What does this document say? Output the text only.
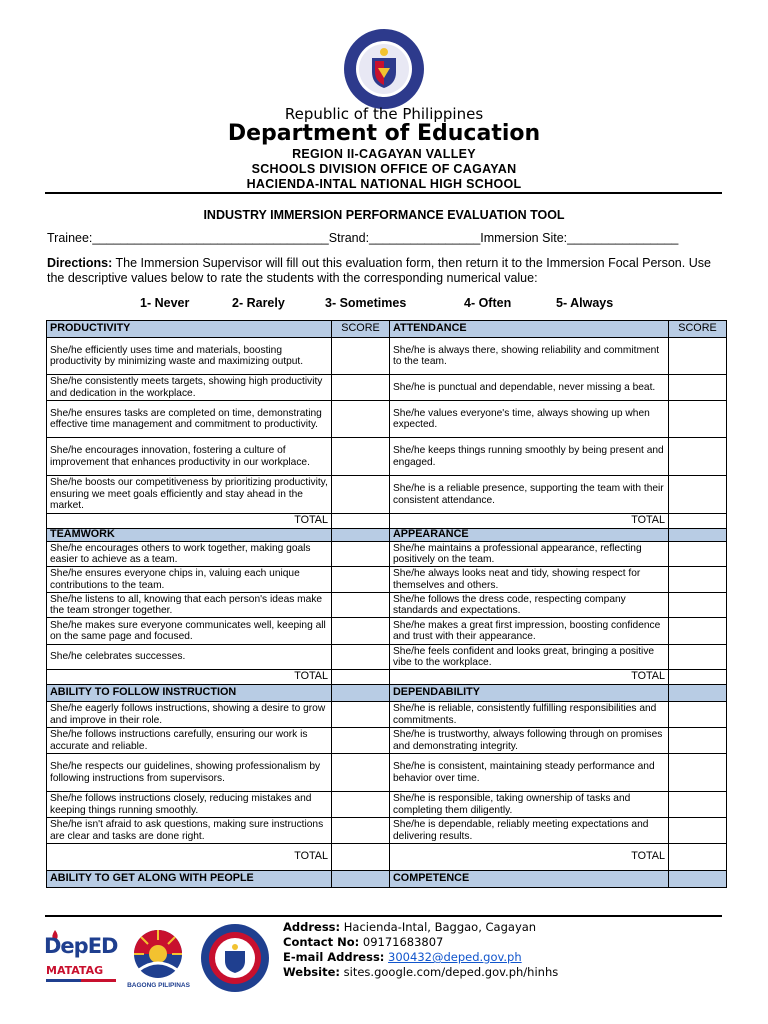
Republic of the Philippines
Department of Education
REGION II-CAGAYAN VALLEY
SCHOOLS DIVISION OFFICE OF CAGAYAN
HACIENDA-INTAL NATIONAL HIGH SCHOOL
INDUSTRY IMMERSION PERFORMANCE EVALUATION TOOL
Trainee:__________________________________Strand:________________Immersion Site:________________
Directions: The Immersion Supervisor will fill out this evaluation form, then return it to the Immersion Focal Person. Use the descriptive values below to rate the students with the corresponding numerical value:
1- Never	2- Rarely	3- Sometimes	4- Often	5- Always
PRODUCTIVITY	SCORE	ATTENDANCE	SCORE
She/he efficiently uses time and materials, boosting productivity by minimizing waste and maximizing output.		She/he is always there, showing reliability and commitment to the team.	
She/he consistently meets targets, showing high productivity and dedication in the workplace.		She/he is punctual and dependable, never missing a beat.	
She/he ensures tasks are completed on time, demonstrating effective time management and commitment to productivity.		She/he values everyone's time, always showing up when expected.	
She/he encourages innovation, fostering a culture of improvement that enhances productivity in our workplace.		She/he keeps things running smoothly by being present and engaged.	
She/he boosts our competitiveness by prioritizing productivity, ensuring we meet goals efficiently and stay ahead in the market.		She/he is a reliable presence, supporting the team with their consistent attendance.	
TOTAL		TOTAL	
TEAMWORK		APPEARANCE	
She/he encourages others to work together, making goals easier to achieve as a team.		She/he maintains a professional appearance, reflecting positively on the team.	
She/he ensures everyone chips in, valuing each unique contributions to the team.		She/he always looks neat and tidy, showing respect for themselves and others.	
She/he listens to all, knowing that each person's ideas make the team stronger together.		She/he follows the dress code, respecting company standards and expectations.	
She/he makes sure everyone communicates well, keeping all on the same page and focused.		She/he makes a great first impression, boosting confidence and trust with their appearance.	
She/he celebrates successes.		She/he feels confident and looks great, bringing a positive vibe to the workplace.	
TOTAL		TOTAL	
ABILITY TO FOLLOW INSTRUCTION		DEPENDABILITY	
She/he eagerly follows instructions, showing a desire to grow and improve in their role.		She/he is reliable, consistently fulfilling responsibilities and commitments.	
She/he follows instructions carefully, ensuring our work is accurate and reliable.		She/he is trustworthy, always following through on promises and demonstrating integrity.	
She/he respects our guidelines, showing professionalism by following instructions from supervisors.		She/he is consistent, maintaining steady performance and behavior over time.	
She/he follows instructions closely, reducing mistakes and keeping things running smoothly.		She/he is responsible, taking ownership of tasks and completing them diligently.	
She/he isn't afraid to ask questions, making sure instructions are clear and tasks are done right.		She/he is dependable, reliably meeting expectations and delivering results.	
TOTAL		TOTAL	
ABILITY TO GET ALONG WITH PEOPLE		COMPETENCE	
DepED
MATATAG
BAGONG PILIPINAS
Address: Hacienda-Intal, Baggao, Cagayan
Contact No: 09171683807
E-mail Address: 300432@deped.gov.ph
Website: sites.google.com/deped.gov.ph/hinhs
